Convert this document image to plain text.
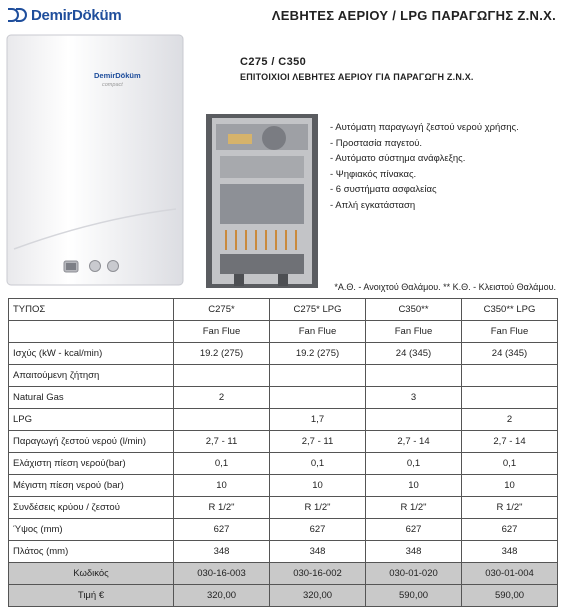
DemirDöküm	ΛΕΒΗΤΕΣ ΑΕΡΙΟΥ / LPG ΠΑΡΑΓΩΓΗΣ Ζ.Ν.Χ.
DemirDöküm
compact
C275 / C350
ΕΠΙΤΟΙΧΙΟΙ ΛΕΒΗΤΕΣ ΑΕΡΙΟΥ ΓΙΑ ΠΑΡΑΓΩΓΗ Ζ.Ν.Χ.
- Αυτόματη παραγωγή ζεστού νερού χρήσης.
- Προστασία παγετού.
- Αυτόματο σύστημα ανάφλεξης.
- Ψηφιακός πίνακας.
- 6 συστήματα ασφαλείας
- Απλή εγκατάσταση
*Α.Θ. - Ανοιχτού Θαλάμου. ** Κ.Θ. - Κλειστού Θαλάμου.
ΤΥΠΟΣ	C275*	C275* LPG	C350**	C350** LPG
	Fan Flue	Fan Flue	Fan Flue	Fan Flue
Ισχύς (kW - kcal/min)	19.2 (275)	19.2 (275)	24 (345)	24 (345)
Απαιτούμενη ζήτηση				
Natural Gas	2		3	
LPG		1,7		2
Παραγωγή ζεστού νερού (l/min)	2,7 - 11	2,7 - 11	2,7 - 14	2,7 - 14
Ελάχιστη πίεση νερού(bar)	0,1	0,1	0,1	0,1
Μέγιστη πίεση νερού (bar)	10	10	10	10
Συνδέσεις κρύου / ζεστού	R 1/2"	R 1/2"	R 1/2"	R 1/2"
Ύψος (mm)	627	627	627	627
Πλάτος (mm)	348	348	348	348
Κωδικός	030-16-003	030-16-002	030-01-020	030-01-004
Τιμή €	320,00	320,00	590,00	590,00
